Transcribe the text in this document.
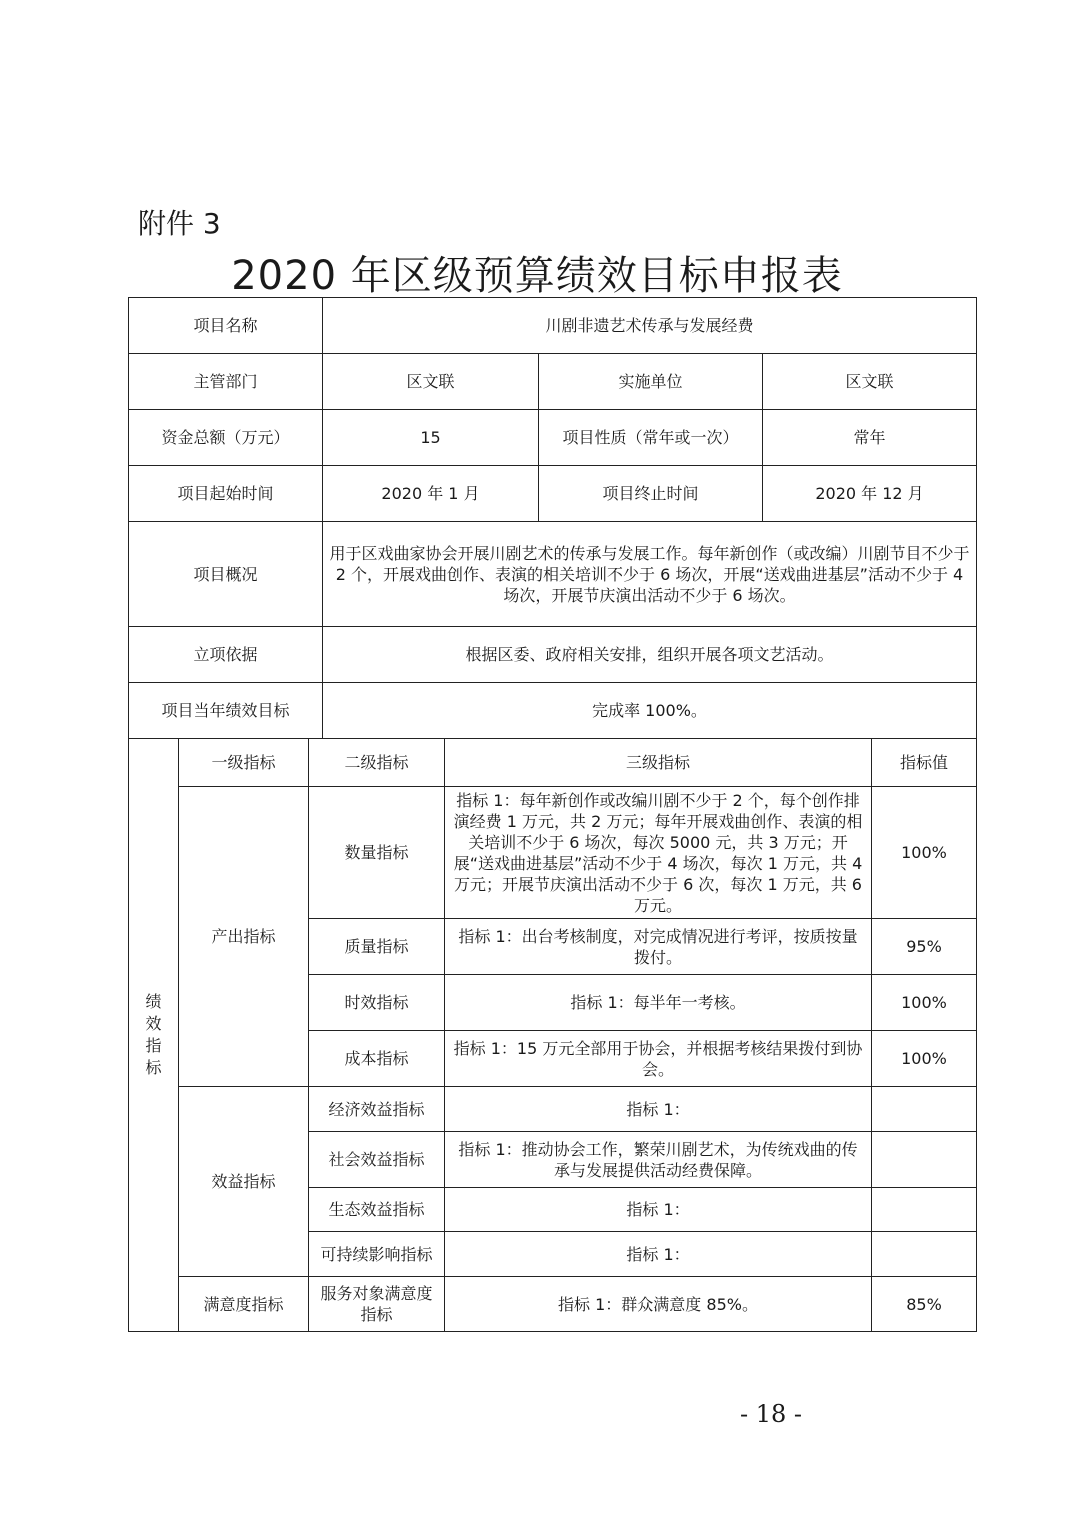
附件 3
2020 年区级预算绩效目标申报表
项目名称			川剧非遗艺术传承与发展经费				
主管部门			区文联		实施单位	区文联	
资金总额（万元）			15		项目性质（常年或一次）	常年	
项目起始时间			2020 年 1 月		项目终止时间	2020 年 12 月	
项目概况			用于区戏曲家协会开展川剧艺术的传承与发展工作。每年新创作（或改编）川剧节目不少于 2 个，开展戏曲创作、表演的相关培训不少于 6 场次，开展“送戏曲进基层”活动不少于 4 场次，开展节庆演出活动不少于 6 场次。				
立项依据			根据区委、政府相关安排，组织开展各项文艺活动。				
项目当年绩效目标			完成率 100%。				
绩效指标	一级指标	二级指标		三级指标			指标值
	产出指标	数量指标		指标 1：每年新创作或改编川剧不少于 2 个，每个创作排演经费 1 万元，共 2 万元；每年开展戏曲创作、表演的相关培训不少于 6 场次，每次 5000 元，共 3 万元；开展“送戏曲进基层”活动不少于 4 场次，每次 1 万元，共 4 万元；开展节庆演出活动不少于 6 次，每次 1 万元，共 6 万元。			100%
		质量指标		指标 1：出台考核制度，对完成情况进行考评，按质按量拨付。			95%
		时效指标		指标 1：每半年一考核。			100%
		成本指标		指标 1：15 万元全部用于协会，并根据考核结果拨付到协会。			100%
	效益指标	经济效益指标		指标 1：			
		社会效益指标		指标 1：推动协会工作，繁荣川剧艺术，为传统戏曲的传承与发展提供活动经费保障。			
		生态效益指标		指标 1：			
		可持续影响指标		指标 1：			
	满意度指标	服务对象满意度指标		指标 1：群众满意度 85%。			85%
- 18 -
